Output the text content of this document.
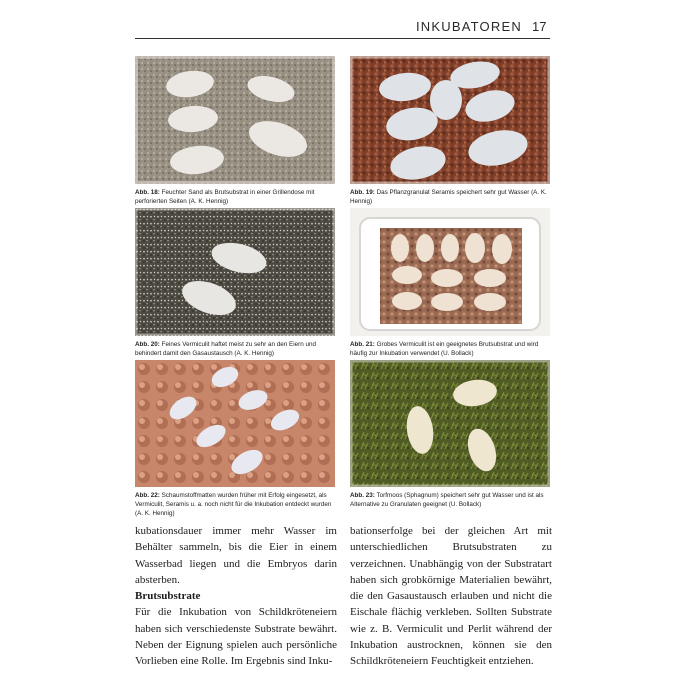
INKUBATOREN 17
Abb. 18: Feuchter Sand als Brutsubstrat in einer Grillendose mit perforierten Seiten (A. K. Hennig)
Abb. 19: Das Pflanzgranulat Seramis speichert sehr gut Wasser (A. K. Hennig)
Abb. 20: Feines Vermiculit haftet meist zu sehr an den Eiern und behindert damit den Gasaustausch (A. K. Hennig)
Abb. 21: Grobes Vermiculit ist ein geeignetes Brutsubstrat und wird häufig zur Inkubation verwendet (U. Bollack)
Abb. 22: Schaumstoffmatten wurden früher mit Erfolg eingesetzt, als Vermiculit, Seramis u. a. noch nicht für die Inkubation entdeckt wurden (A. K. Hennig)
Abb. 23: Torfmoos (Sphagnum) speichert sehr gut Wasser und ist als Alternative zu Granulaten geeignet (U. Bollack)

kubationsdauer immer mehr Wasser im Behälter sammeln, bis die Eier in einem Wasserbad liegen und die Embryos darin absterben.

Brutsubstrate

Für die Inkubation von Schildkröteneiern haben sich verschiedenste Substrate bewährt. Neben der Eignung spielen auch persönliche Vorlieben eine Rolle. Im Ergebnis sind Inku-

bationserfolge bei der gleichen Art mit unterschiedlichen Brutsubstraten zu verzeichnen. Unabhängig von der Substratart haben sich grobkörnige Materialien bewährt, die den Gasaustausch erlauben und nicht die Eischale flächig verkleben. Sollten Substrate wie z. B. Vermiculit und Perlit während der Inkubation austrocknen, können sie den Schildkröteneiern Feuchtigkeit entziehen.
